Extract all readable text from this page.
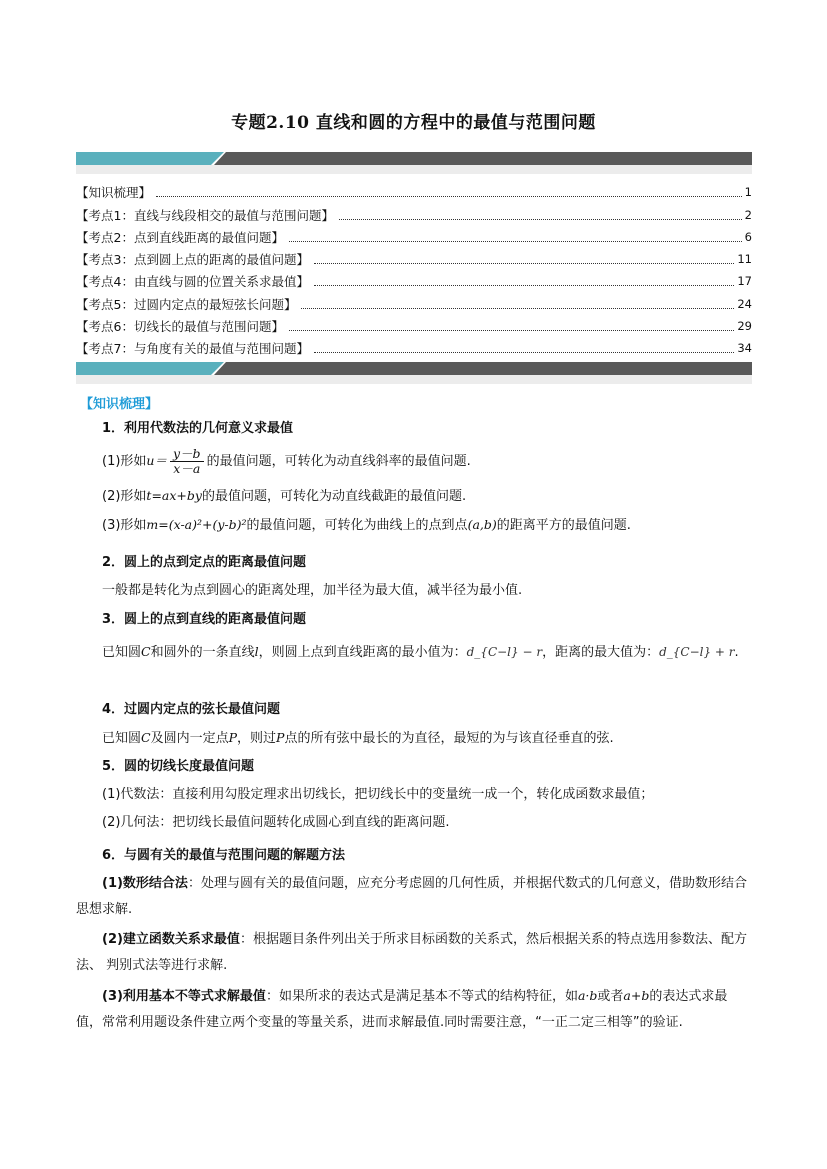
专题2.10 直线和圆的方程中的最值与范围问题
【知识梳理】	1
【考点1：直线与线段相交的最值与范围问题】	2
【考点2：点到直线距离的最值问题】	6
【考点3：点到圆上点的距离的最值问题】	11
【考点4：由直线与圆的位置关系求最值】	17
【考点5：过圆内定点的最短弦长问题】	24
【考点6：切线长的最值与范围问题】	29
【考点7：与角度有关的最值与范围问题】	34
【知识梳理】
1．利用代数法的几何意义求最值
(1)形如$u= \frac{y-b}{x-a}$ 的最值问题，可转化为动直线斜率的最值问题.
(2)形如t=ax+by的最值问题，可转化为动直线截距的最值问题.
(3)形如m=(x-a)²+(y-b)²的最值问题，可转化为曲线上的点到点(a,b)的距离平方的最值问题.
2．圆上的点到定点的距离最值问题
一般都是转化为点到圆心的距离处理，加半径为最大值，减半径为最小值.
3．圆上的点到直线的距离最值问题
已知圆C和圆外的一条直线l，则圆上点到直线距离的最小值为：d_{C−l} − r，距离的最大值为：d_{C−l} + r.
4．过圆内定点的弦长最值问题
已知圆C及圆内一定点P，则过P点的所有弦中最长的为直径，最短的为与该直径垂直的弦.
5．圆的切线长度最值问题
(1)代数法：直接利用勾股定理求出切线长，把切线长中的变量统一成一个，转化成函数求最值；
(2)几何法：把切线长最值问题转化成圆心到直线的距离问题.
6．与圆有关的最值与范围问题的解题方法
(1)数形结合法：处理与圆有关的最值问题，应充分考虑圆的几何性质，并根据代数式的几何意义，借助数形结合思想求解.
(2)建立函数关系求最值：根据题目条件列出关于所求目标函数的关系式，然后根据关系的特点选用参数法、配方法、 判别式法等进行求解.
(3)利用基本不等式求解最值：如果所求的表达式是满足基本不等式的结构特征，如a·b或者a+b的表达式求最值，常常利用题设条件建立两个变量的等量关系，进而求解最值.同时需要注意，“一正二定三相等”的验证.
